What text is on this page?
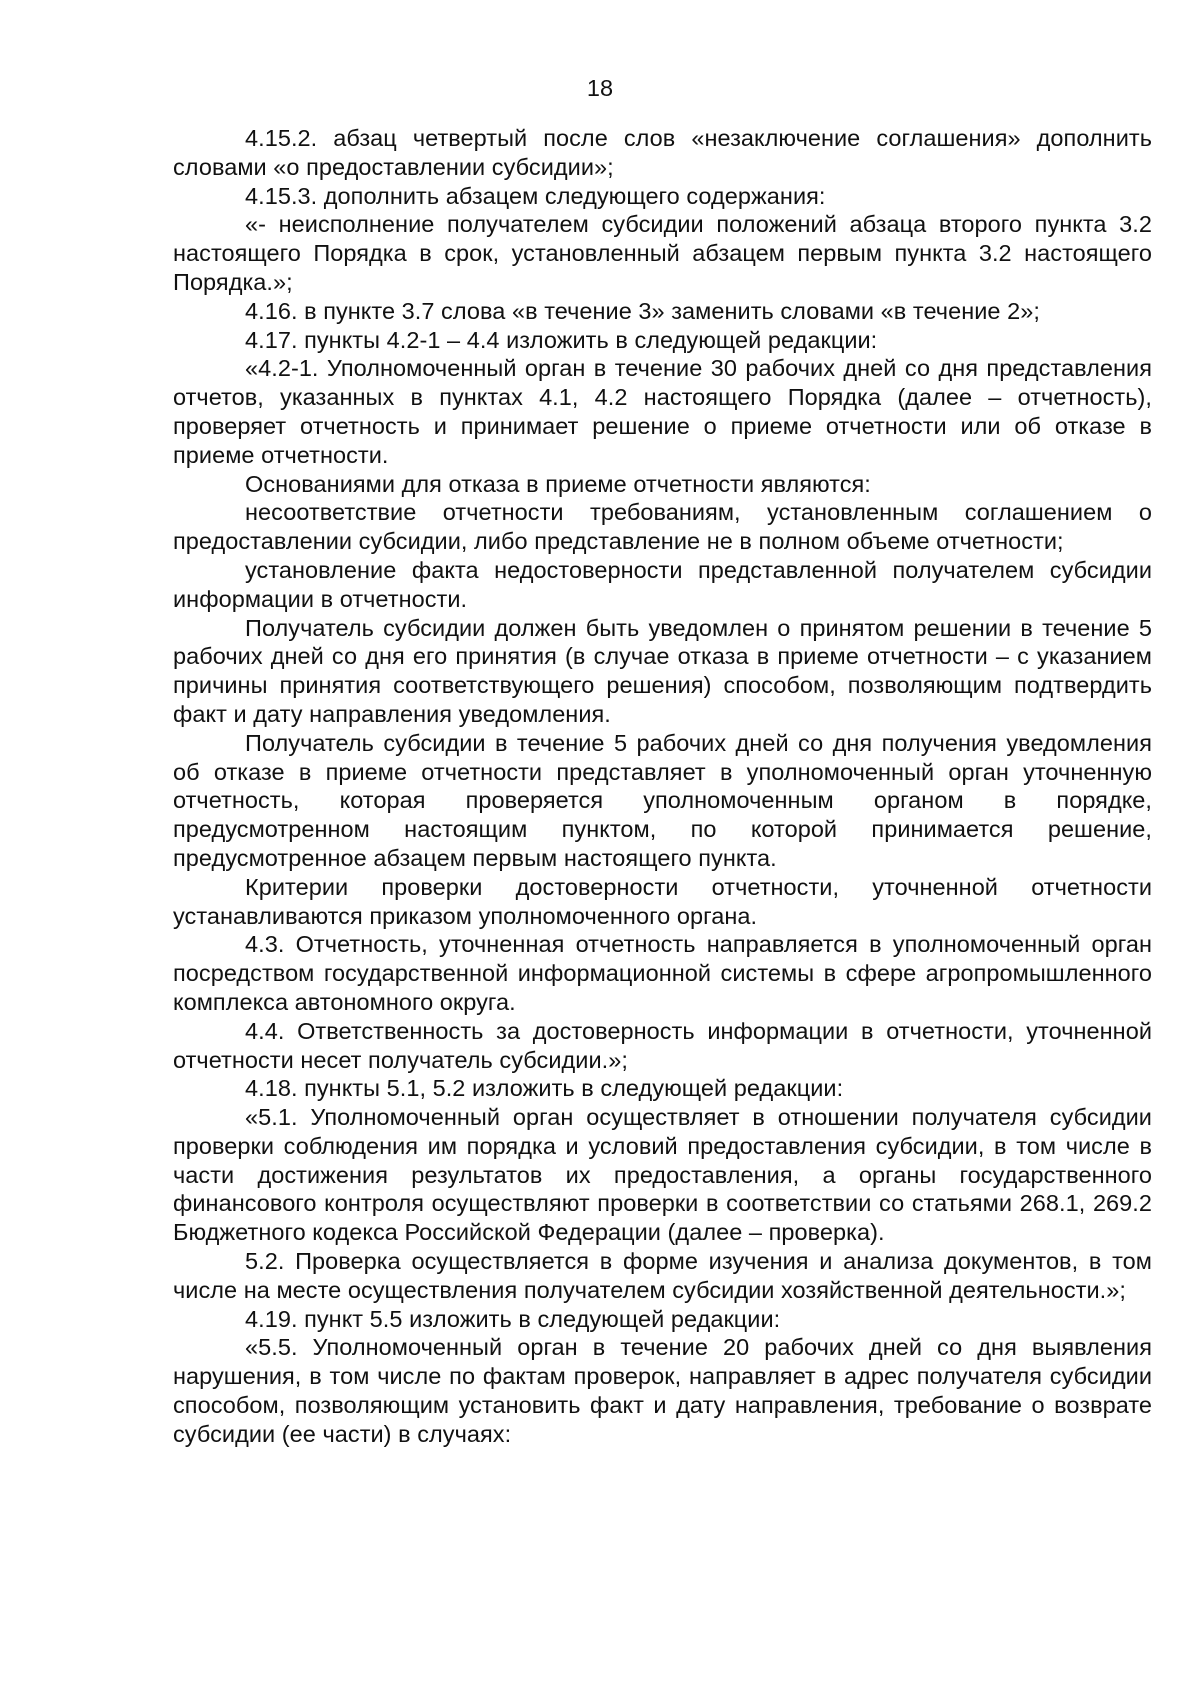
18

4.15.2. абзац четвертый после слов «незаключение соглашения» дополнить словами «о предоставлении субсидии»;

4.15.3. дополнить абзацем следующего содержания:

«- неисполнение получателем субсидии положений абзаца второго пункта 3.2 настоящего Порядка в срок, установленный абзацем первым пункта 3.2 настоящего Порядка.»;

4.16. в пункте 3.7 слова «в течение 3» заменить словами «в течение 2»;

4.17. пункты 4.2-1 – 4.4 изложить в следующей редакции:

«4.2-1. Уполномоченный орган в течение 30 рабочих дней со дня представления отчетов, указанных в пунктах 4.1, 4.2 настоящего Порядка (далее – отчетность), проверяет отчетность и принимает решение о приеме отчетности или об отказе в приеме отчетности.

Основаниями для отказа в приеме отчетности являются:

несоответствие отчетности требованиям, установленным соглашением о предоставлении субсидии, либо представление не в полном объеме отчетности;

установление факта недостоверности представленной получателем субсидии информации в отчетности.

Получатель субсидии должен быть уведомлен о принятом решении в течение 5 рабочих дней со дня его принятия (в случае отказа в приеме отчетности – с указанием причины принятия соответствующего решения) способом, позволяющим подтвердить факт и дату направления уведомления.

Получатель субсидии в течение 5 рабочих дней со дня получения уведомления об отказе в приеме отчетности представляет в уполномоченный орган уточненную отчетность, которая проверяется уполномоченным органом в порядке, предусмотренном настоящим пунктом, по которой принимается решение, предусмотренное абзацем первым настоящего пункта.

Критерии проверки достоверности отчетности, уточненной отчетности устанавливаются приказом уполномоченного органа.

4.3. Отчетность, уточненная отчетность направляется в уполномоченный орган посредством государственной информационной системы в сфере агропромышленного комплекса автономного округа.

4.4. Ответственность за достоверность информации в отчетности, уточненной отчетности несет получатель субсидии.»;

4.18. пункты 5.1, 5.2 изложить в следующей редакции:

«5.1. Уполномоченный орган осуществляет в отношении получателя субсидии проверки соблюдения им порядка и условий предоставления субсидии, в том числе в части достижения результатов их предоставления, а органы государственного финансового контроля осуществляют проверки в соответствии со статьями 268.1, 269.2 Бюджетного кодекса Российской Федерации (далее – проверка).

5.2. Проверка осуществляется в форме изучения и анализа документов, в том числе на месте осуществления получателем субсидии хозяйственной деятельности.»;

4.19. пункт 5.5 изложить в следующей редакции:

«5.5. Уполномоченный орган в течение 20 рабочих дней со дня выявления нарушения, в том числе по фактам проверок, направляет в адрес получателя субсидии способом, позволяющим установить факт и дату направления, требование о возврате субсидии (ее части) в случаях:
